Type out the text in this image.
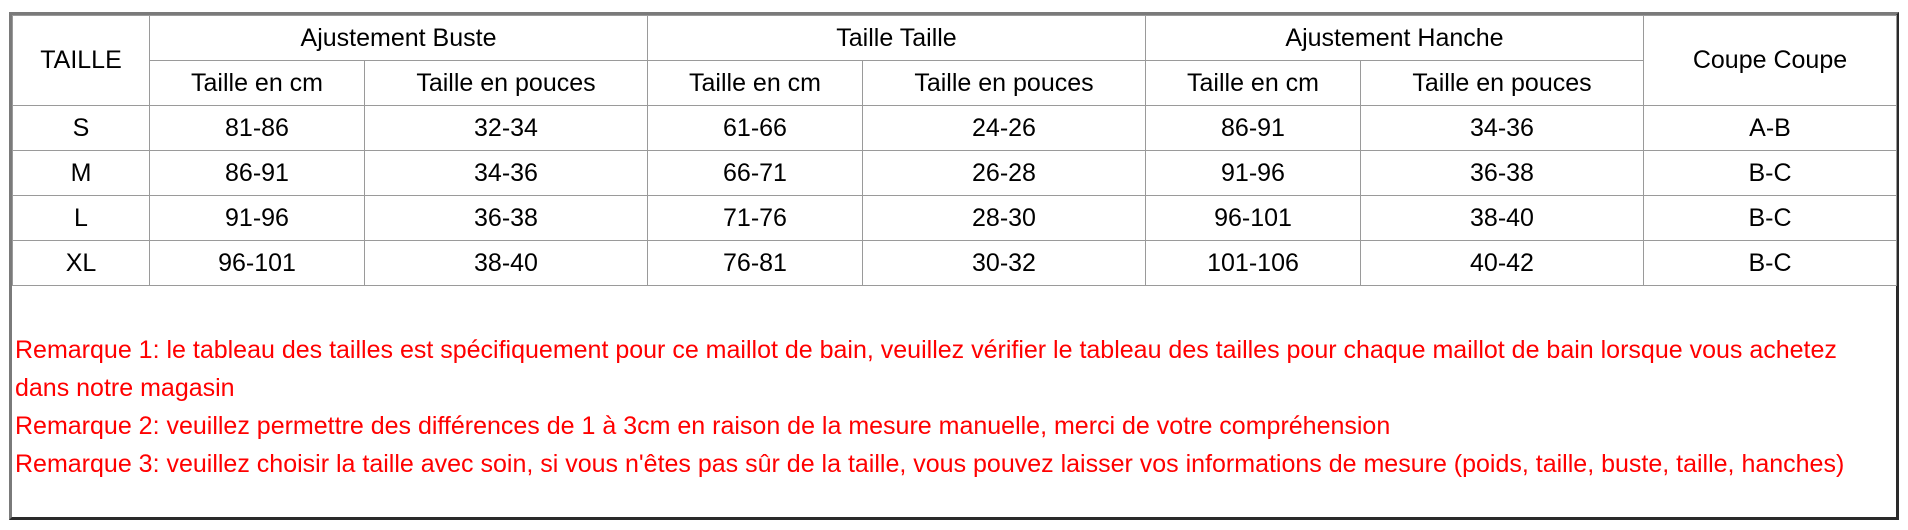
TAILLE	Ajustement Buste		Taille Taille		Ajustement Hanche		Coupe Coupe
	Taille en cm	Taille en pouces	Taille en cm	Taille en pouces	Taille en cm	Taille en pouces	
S	81-86	32-34	61-66	24-26	86-91	34-36	A-B
M	86-91	34-36	66-71	26-28	91-96	36-38	B-C
L	91-96	36-38	71-76	28-30	96-101	38-40	B-C
XL	96-101	38-40	76-81	30-32	101-106	40-42	B-C
Remarque 1: le tableau des tailles est spécifiquement pour ce maillot de bain, veuillez vérifier le tableau des tailles pour chaque maillot de bain lorsque vous achetez dans notre magasin
Remarque 2: veuillez permettre des différences de 1 à 3cm en raison de la mesure manuelle, merci de votre compréhension
Remarque 3: veuillez choisir la taille avec soin, si vous n'êtes pas sûr de la taille, vous pouvez laisser vos informations de mesure (poids, taille, buste, taille, hanches)
